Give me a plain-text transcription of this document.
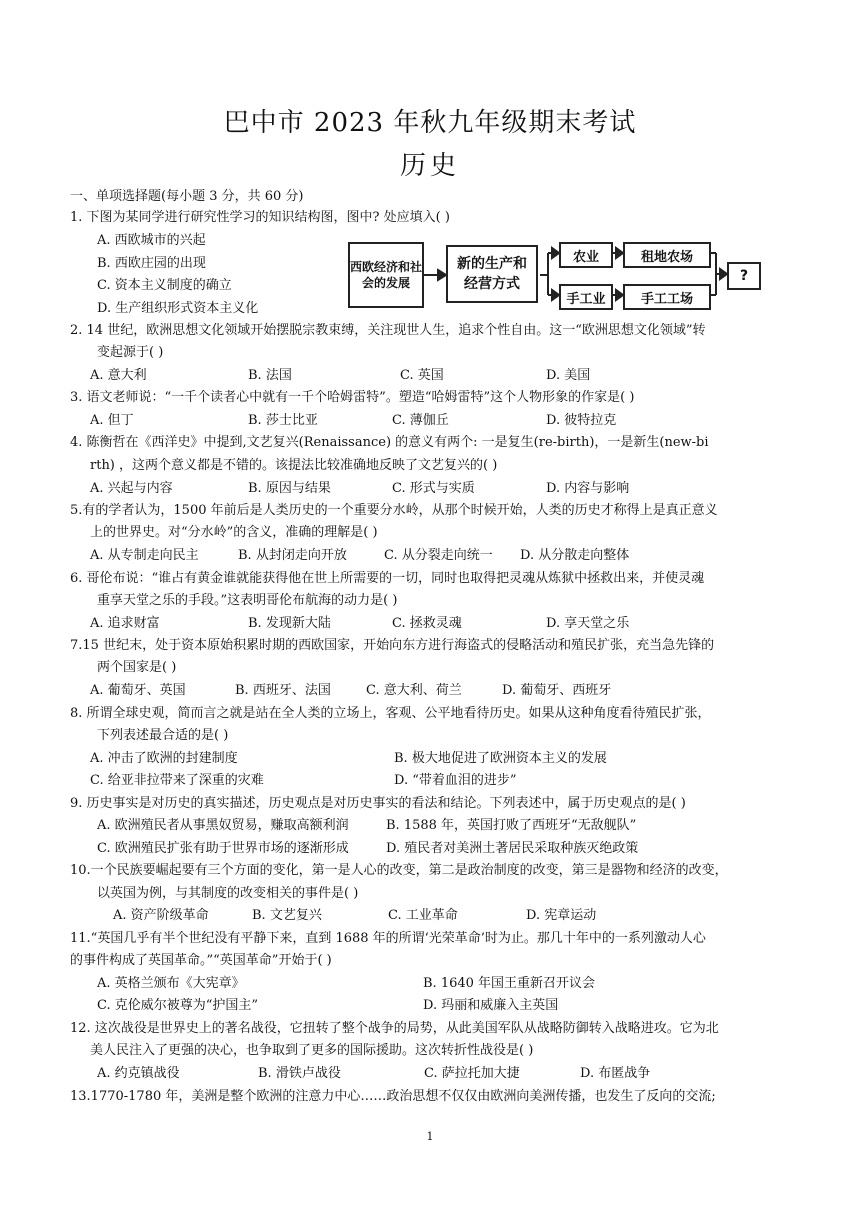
巴中市 2023 年秋九年级期末考试
历史
一、单项选择题(每小题 3 分，共 60 分)
1. 下图为某同学进行研究性学习的知识结构图，图中? 处应填入( )
A. 西欧城市的兴起
B. 西欧庄园的出现
C. 资本主义制度的确立
D. 生产组织形式资本主义化
西欧经济和社会的发展
新的生产和经营方式
农业	租地农场
手工业	手工工场
?
2. 14 世纪，欧洲思想文化领域开始摆脱宗教束缚，关注现世人生，追求个性自由。这一“欧洲思想文化领域”转
变起源于( )
A. 意大利	B. 法国	C. 英国	D. 美国
3. 语文老师说：“一千个读者心中就有一千个哈姆雷特”。塑造“哈姆雷特”这个人物形象的作家是( )
A. 但丁	B. 莎士比亚	C. 薄伽丘	D. 彼特拉克
4. 陈衡哲在《西洋史》中提到,文艺复兴(Renaissance) 的意义有两个: 一是复生(re-birth)，一是新生(new-bi
rth) ，这两个意义都是不错的。该提法比较准确地反映了文艺复兴的( )
A. 兴起与内容	B. 原因与结果	C. 形式与实质	D. 内容与影响
5.有的学者认为，1500 年前后是人类历史的一个重要分水岭，从那个时候开始，人类的历史才称得上是真正意义
上的世界史。对“分水岭”的含义，准确的理解是( )
A. 从专制走向民主	B. 从封闭走向开放	C. 从分裂走向统一 D. 从分散走向整体
6. 哥伦布说：“谁占有黄金谁就能获得他在世上所需要的一切，同时也取得把灵魂从炼狱中拯救出来，并使灵魂
重享天堂之乐的手段。”这表明哥伦布航海的动力是( )
A. 追求财富	B. 发现新大陆	C. 拯救灵魂	D. 享天堂之乐
7.15 世纪末，处于资本原始积累时期的西欧国家，开始向东方进行海盗式的侵略活动和殖民扩张，充当急先锋的
两个国家是( )
A. 葡萄牙、英国	B. 西班牙、法国	C. 意大利、荷兰	D. 葡萄牙、西班牙
8. 所谓全球史观，简而言之就是站在全人类的立场上，客观、公平地看待历史。如果从这种角度看待殖民扩张，
下列表述最合适的是( )
A. 冲击了欧洲的封建制度	B. 极大地促进了欧洲资本主义的发展
C. 给亚非拉带来了深重的灾难	D. “带着血泪的进步”
9. 历史事实是对历史的真实描述，历史观点是对历史事实的看法和结论。下列表述中，属于历史观点的是( )
A. 欧洲殖民者从事黑奴贸易，赚取高额利润	B. 1588 年，英国打败了西班牙“无敌舰队”
C. 欧洲殖民扩张有助于世界市场的逐渐形成	D. 殖民者对美洲土著居民采取种族灭绝政策
10.一个民族要崛起要有三个方面的变化，第一是人心的改变，第二是政治制度的改变，第三是器物和经济的改变，
以英国为例，与其制度的改变相关的事件是( )
A. 资产阶级革命	B. 文艺复兴	C. 工业革命	D. 宪章运动
11.“英国几乎有半个世纪没有平静下来，直到 1688 年的所谓‘光荣革命’时为止。那几十年中的一系列激动人心
的事件构成了英国革命。”“英国革命”开始于( )
A. 英格兰颁布《大宪章》	B. 1640 年国王重新召开议会
C. 克伦威尔被尊为“护国主”	D. 玛丽和威廉入主英国
12. 这次战役是世界史上的著名战役，它扭转了整个战争的局势，从此美国军队从战略防御转入战略进攻。它为北
美人民注入了更强的决心，也争取到了更多的国际援助。这次转折性战役是( )
A. 约克镇战役	B. 滑铁卢战役	C. 萨拉托加大捷	D. 布匿战争
13.1770-1780 年，美洲是整个欧洲的注意力中心……政治思想不仅仅由欧洲向美洲传播，也发生了反向的交流;
1
